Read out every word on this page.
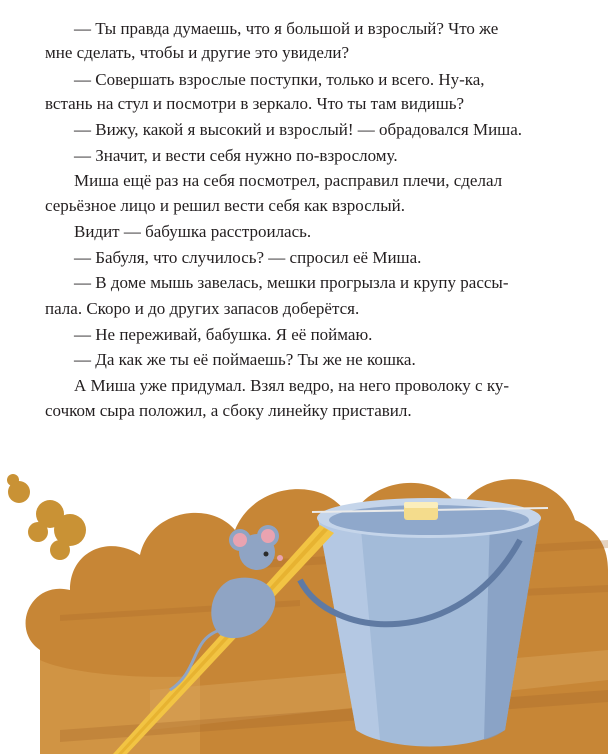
— Ты правда думаешь, что я большой и взрослый? Что же
мне сделать, чтобы и другие это увидели?
— Совершать взрослые поступки, только и всего. Ну-ка,
встань на стул и посмотри в зеркало. Что ты там видишь?
— Вижу, какой я высокий и взрослый! — обрадовался Миша.
— Значит, и вести себя нужно по-взрослому.
Миша ещё раз на себя посмотрел, расправил плечи, сделал
серьёзное лицо и решил вести себя как взрослый.
Видит — бабушка расстроилась.
— Бабуля, что случилось? — спросил её Миша.
— В доме мышь завелась, мешки прогрызла и крупу рассы-
пала. Скоро и до других запасов доберётся.
— Не переживай, бабушка. Я её поймаю.
— Да как же ты её поймаешь? Ты же не кошка.
А Миша уже придумал. Взял ведро, на него проволоку с ку-
сочком сыра положил, а сбоку линейку приставил.
